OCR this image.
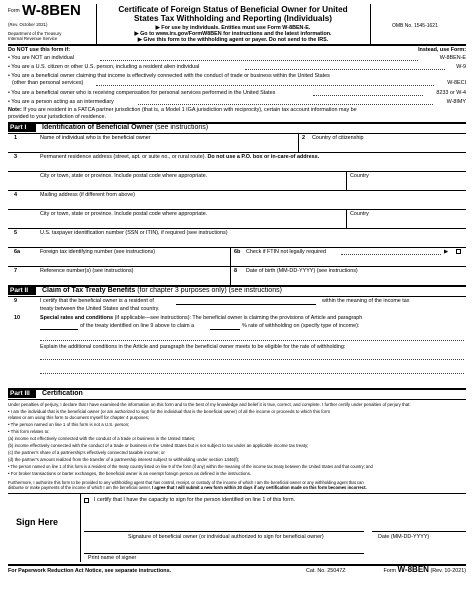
Form W-8BEN
(Rev. October 2021)
Department of the Treasury
Internal Revenue Service
Certificate of Foreign Status of Beneficial Owner for United
States Tax Withholding and Reporting (Individuals)
▶ For use by individuals. Entities must use Form W-8BEN-E.
▶ Go to www.irs.gov/FormW8BEN for instructions and the latest information.
▶ Give this form to the withholding agent or payer. Do not send to the IRS.
OMB No. 1545-1621
Do NOT use this form if:	Instead, use Form:
• You are NOT an individual	W-8BEN-E
• You are a U.S. citizen or other U.S. person, including a resident alien individual	W-9
• You are a beneficial owner claiming that income is effectively connected with the conduct of trade or business within the United States
(other than personal services)	W-8ECI
• You are a beneficial owner who is receiving compensation for personal services performed in the United States	8233 or W-4
• You are a person acting as an intermediary	W-8IMY
Note: If you are resident in a FATCA partner jurisdiction (that is, a Model 1 IGA jurisdiction with reciprocity), certain tax account information may be
provided to your jurisdiction of residence.
Part I	Identification of Beneficial Owner (see instructions)
1	Name of individual who is the beneficial owner	2 Country of citizenship
3	Permanent residence address (street, apt. or suite no., or rural route). Do not use a P.O. box or in-care-of address.
City or town, state or province. Include postal code where appropriate.	Country
4	Mailing address (if different from above)
City or town, state or province. Include postal code where appropriate.	Country
5	U.S. taxpayer identification number (SSN or ITIN), if required (see instructions)
6a	Foreign tax identifying number (see instructions)	6b Check if FTIN not legally required	▶
7	Reference number(s) (see instructions)	8 Date of birth (MM-DD-YYYY) (see instructions)
Part II	Claim of Tax Treaty Benefits (for chapter 3 purposes only) (see instructions)
9	I certify that the beneficial owner is a resident of	within the meaning of the income tax
treaty between the United States and that country.
10	Special rates and conditions (if applicable—see instructions): The beneficial owner is claiming the provisions of Article and paragraph
of the treaty identified on line 9 above to claim a	% rate of withholding on (specify type of income):
Explain the additional conditions in the Article and paragraph the beneficial owner meets to be eligible for the rate of withholding:
Part III	Certification
Under penalties of perjury, I declare that I have examined the information on this form and to the best of my knowledge and belief it is true, correct, and complete. I further certify under penalties of perjury that:
• I am the individual that is the beneficial owner (or am authorized to sign for the individual that is the beneficial owner) of all the income or proceeds to which this form
relates or am using this form to document myself for chapter 4 purposes;
• The person named on line 1 of this form is not a U.S. person;
• This form relates to:
(a) income not effectively connected with the conduct of a trade or business in the United States;
(b) income effectively connected with the conduct of a trade or business in the United States but is not subject to tax under an applicable income tax treaty;
(c) the partner's share of a partnership's effectively connected taxable income; or
(d) the partner's amount realized from the transfer of a partnership interest subject to withholding under section 1446(f);
• The person named on line 1 of this form is a resident of the treaty country listed on line 9 of the form (if any) within the meaning of the income tax treaty between the United States and that country; and
• For broker transactions or barter exchanges, the beneficial owner is an exempt foreign person as defined in the instructions.
Furthermore, I authorize this form to be provided to any withholding agent that has control, receipt, or custody of the income of which I am the beneficial owner or any withholding agent that can
disburse or make payments of the income of which I am the beneficial owner. I agree that I will submit a new form within 30 days if any certification made on this form becomes incorrect.
Sign Here
I certify that I have the capacity to sign for the person identified on line 1 of this form.
Signature of beneficial owner (or individual authorized to sign for beneficial owner)	Date (MM-DD-YYYY)
Print name of signer
For Paperwork Reduction Act Notice, see separate instructions.	Cat. No. 25047Z	Form W-8BEN (Rev. 10-2021)
